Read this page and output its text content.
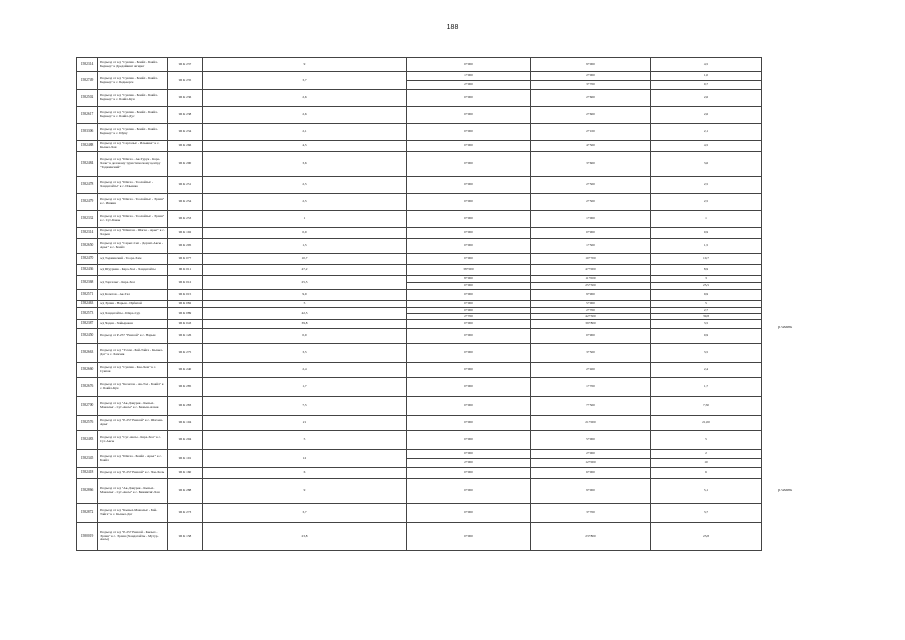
188
1582314	Подъезд от а/д "Сукпак - Бояйл - Бояйл-Бедьчер" к Дредайвинг жгиркт	96 К 237	9	0+000	9+000	4,5
1582749	Подъезд от а/д "Сукпак - Бояйл - Бояйл-Бедьчер" к с. Бедьчерге	96 К 235	3,7	1+000	2+000	1,0
				2+000	3+700	0,7
1582502	Подъезд от а/д "Сукпак - Бояйл - Бояйл-Бедьчер" к с. Бояйл-Кун	96 К 236	2,6	0+000	2+600	2,6
1582617	Подъезд от а/д "Сукпак - Бояйл - Бояйл-Бедьчер" к с. Бояйл-Дус	96 К 238	2,6	0+000	2+600	2,6
1583306	Подъезд от а/д "Сукпак - Бояйл - Бояйл-Бедьчер" к с. Шуву	96 К 234	2,1	0+000	2+100	2,1
1582488	Подъезд от а/д "Саргалыг - Ильинка" к с. Кызыл-Хая	96 К 266	4,5	0+000	4+500	4,5
1582484	Подъезд от а/д "Шагаа - Ак-Турук - Кара-Хаак" к деловому туристическому центру "Тоджинский"	96 К 290	3,6	0+000	3+600	3,6
1582478	Подъезд от а/д "Шагаа - Тоолайлыг - Хандагайты" к с. Ильинка	96 К 251	2,5	0+000	2+500	2,5
1582479	Подъезд от а/д "Шагаа - Тоолайлыг - Эрзин" к с. Ишкин	96 К 254	2,5	0+000	2+500	2,5
1582332	Подъезд от а/д "Шагаа - Тоолайлыг - Эрзин" к с. Суг-Бажы	96 К 253	1	0+000	1+000	1
1582314	Подъезд от а/д "Шанган - Шагаа - Арыг" к с. Хадын	96 К 192	0,9	0+000	0+900	0,9
1582650	Подъезд от а/д "Сарыг-Сеп - Дерзиг-Аксы - Арыг" к с. Бояйл	96 К 295	1,5	0+000	1+500	1,5
1582470	а/д Тоджинский - Тоора-Хем	96 К 077	10,7	0+000	10+700	10,7
1582436	а/д Шуурмак - Кара-Хол - Хандагайты	96 К 011	47,2	38+000	47+000	8,9
1582368	а/д Торгалыг - Кара-Хол	96 К 012	25,5	8+000	11+000	3
				0+000	25+500	25,5
1582571	а/д Кочетов - Ак-Тал	96 К 015	9,9	0+000	9+900	9,9
1582463	а/д Эрзин - Нарын - Ирбитей	96 К 082	5	0+000	5+000	5
1582573	а/д Хандагайты - Шара-Сур	96 К 089	42,5	0+000	2+700	2,7
				2+700	42+500	39,8
1582387	а/д Чадан - Хайыракан	96 К 043	39,8	0+000	39+800	3,5
1582450	Подъезд от Р-257 "Енисей" к с. Нарын	96 К 126	0,9	0+000	0+900	0,9
1582663	Подъезд от а/д "Тээли - Бай-Тайга - Кызыл-Даг" к с. Хемчик	96 К 275	3,5	0+000	3+500	3,5
1582660	Подъезд от а/д "Сукпак - Каа-Хем" к с. Сукпак	96 К 240	2,4	0+000	2+400	2,4
1582676	Подъезд от а/д "Кочетов - Ак-Тал - Бояйл" к с. Бояйл-Кун	96 К 285	1,7	0+000	1+700	1,7
1582700	Подъезд от а/д "Ак-Довурак - Кызыл-Мажалыг - Суг-Аксы" к с. Бажын-Алаак	96 К 283	7,5	0+000	7+500	7,50
1582576	Подъезд от а/д "Р-257 Енисей" к с. Шагаан-Арыг	96 К 104	21	0+000	21+000	21,00
1582483	Подъезд от а/д "Суг-Аксы - Кара-Хол" к с. Суг-Аксы	96 К 294	5	0+000	5+000	5
1582345	Подъезд от а/д "Шагаа - Бояйл - Арыг" к с. Бояйл	96 К 191	12	0+000	2+000	2
				2+000	12+000	10
1582418	Подъезд от а/д "Р-257 Енисей" к с. Чаа-Холь	96 К 160	6	0+000	6+000	6
1582866	Подъезд от а/д "Ак-Довурак - Кызыл-Мажалыг - Суг-Аксы" к с. Бижиктиг-Хая	96 К 288	9	0+000	9+000	5,1
1582872	Подъезд от а/д "Кызыл-Мажалыг - Бай-Тайга" к с. Кызыл-Даг	96 К 273	3,7	0+000	3+700	3,7
1580019	Подъезд от а/д "Р-257 Енисей - Кызыл - Эрзин" к с. Эрзин (Хандагайты - Мугур-Аксы)	96 К 158	23,8	0+000	23+800	23,8
р.чаань
р.чаань
